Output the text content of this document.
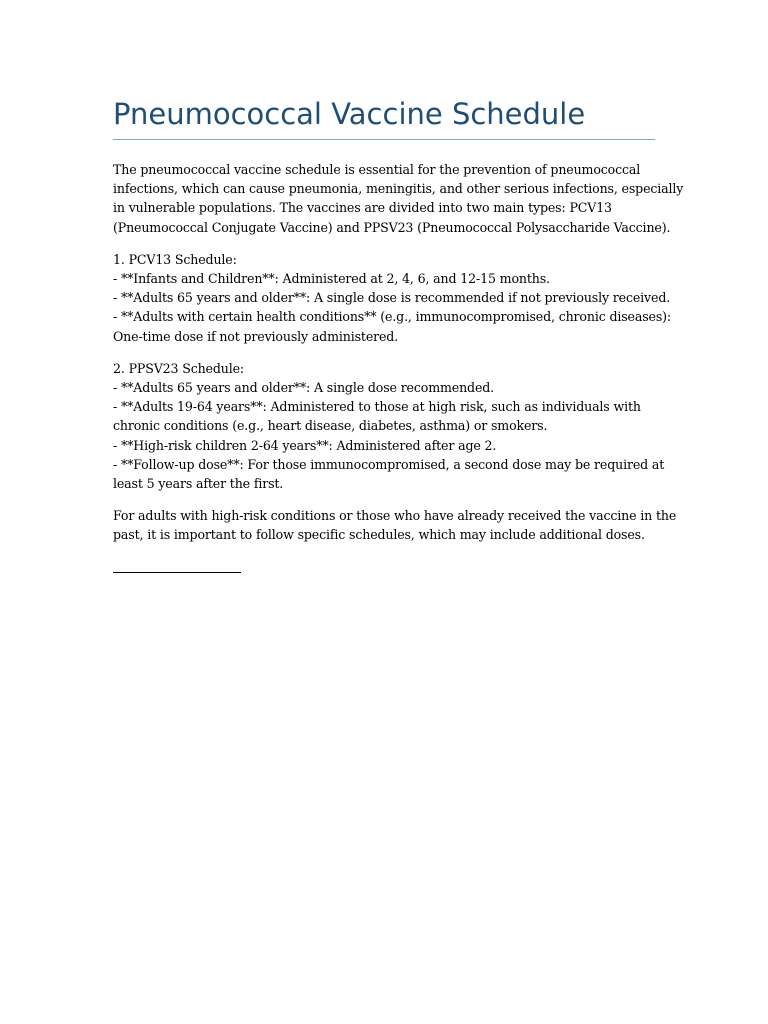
Pneumococcal Vaccine Schedule
The pneumococcal vaccine schedule is essential for the prevention of pneumococcal
infections, which can cause pneumonia, meningitis, and other serious infections, especially
in vulnerable populations. The vaccines are divided into two main types: PCV13
(Pneumococcal Conjugate Vaccine) and PPSV23 (Pneumococcal Polysaccharide Vaccine).
1. PCV13 Schedule:
- **Infants and Children**: Administered at 2, 4, 6, and 12-15 months.
- **Adults 65 years and older**: A single dose is recommended if not previously received.
- **Adults with certain health conditions** (e.g., immunocompromised, chronic diseases):
One-time dose if not previously administered.
2. PPSV23 Schedule:
- **Adults 65 years and older**: A single dose recommended.
- **Adults 19-64 years**: Administered to those at high risk, such as individuals with
chronic conditions (e.g., heart disease, diabetes, asthma) or smokers.
- **High-risk children 2-64 years**: Administered after age 2.
- **Follow-up dose**: For those immunocompromised, a second dose may be required at
least 5 years after the first.
For adults with high-risk conditions or those who have already received the vaccine in the
past, it is important to follow specific schedules, which may include additional doses.
